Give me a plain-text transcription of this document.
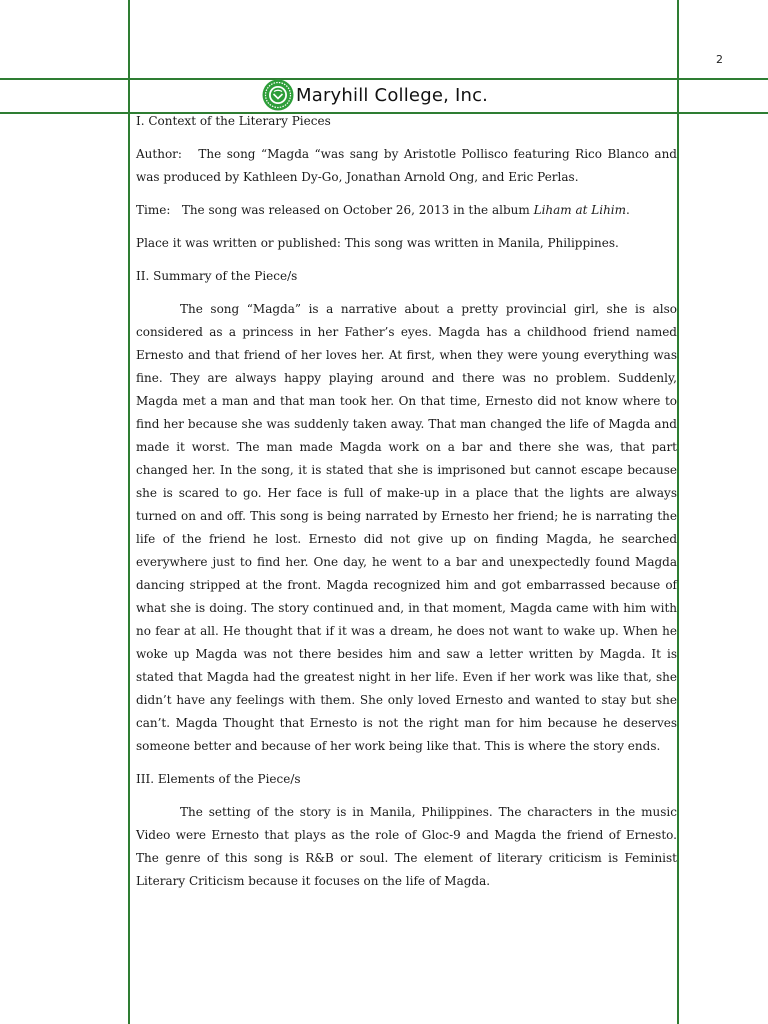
2
Maryhill College, Inc.

I. Context of the Literary Pieces

Author: The song “Magda “was sang by Aristotle Pollisco featuring Rico Blanco and was produced by Kathleen Dy-Go, Jonathan Arnold Ong, and Eric Perlas.

Time: The song was released on October 26, 2013 in the album Liham at Lihim.

Place it was written or published: This song was written in Manila, Philippines.

II. Summary of the Piece/s

The song “Magda” is a narrative about a pretty provincial girl, she is also considered as a princess in her Father’s eyes. Magda has a childhood friend named Ernesto and that friend of her loves her. At first, when they were young everything was fine. They are always happy playing around and there was no problem. Suddenly, Magda met a man and that man took her. On that time, Ernesto did not know where to find her because she was suddenly taken away. That man changed the life of Magda and made it worst. The man made Magda work on a bar and there she was, that part changed her. In the song, it is stated that she is imprisoned but cannot escape because she is scared to go. Her face is full of make-up in a place that the lights are always turned on and off. This song is being narrated by Ernesto her friend; he is narrating the life of the friend he lost. Ernesto did not give up on finding Magda, he searched everywhere just to find her. One day, he went to a bar and unexpectedly found Magda dancing stripped at the front. Magda recognized him and got embarrassed because of what she is doing. The story continued and, in that moment, Magda came with him with no fear at all. He thought that if it was a dream, he does not want to wake up. When he woke up Magda was not there besides him and saw a letter written by Magda. It is stated that Magda had the greatest night in her life. Even if her work was like that, she didn’t have any feelings with them. She only loved Ernesto and wanted to stay but she can’t. Magda Thought that Ernesto is not the right man for him because he deserves someone better and because of her work being like that. This is where the story ends.

III. Elements of the Piece/s

The setting of the story is in Manila, Philippines. The characters in the music Video were Ernesto that plays as the role of Gloc-9 and Magda the friend of Ernesto. The genre of this song is R&B or soul. The element of literary criticism is Feminist Literary Criticism because it focuses on the life of Magda.
